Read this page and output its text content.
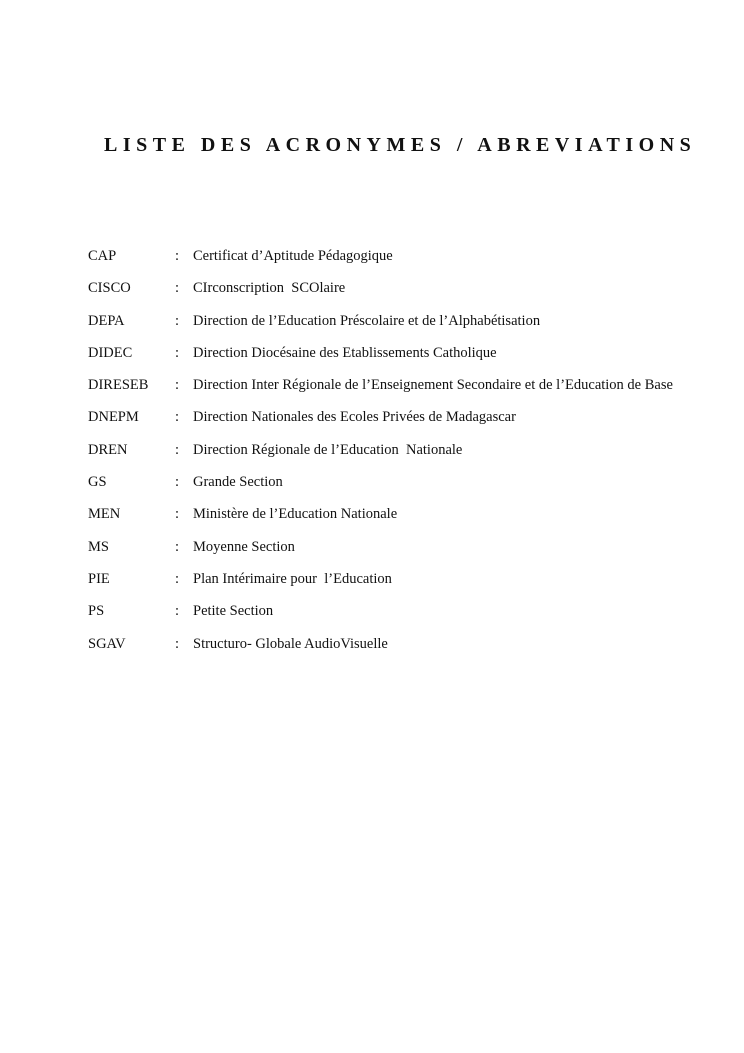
LISTE DES ACRONYMES / ABREVIATIONS
CAP	: Certificat d’Aptitude Pédagogique
CISCO	: CIrconscription  SCOlaire
DEPA	: Direction de l’Education Préscolaire et de l’Alphabétisation
DIDEC	: Direction Diocésaine des Etablissements Catholique
DIRESEB : Direction Inter Régionale de l’Enseignement Secondaire et de l’Education de Base
DNEPM : Direction Nationales des Ecoles Privées de Madagascar
DREN	: Direction Régionale de l’Education  Nationale
GS	: Grande Section
MEN	: Ministère de l’Education Nationale
MS	: Moyenne Section
PIE	: Plan Intérimaire pour  l’Education
PS	: Petite Section
SGAV	: Structuro- Globale AudioVisuelle
